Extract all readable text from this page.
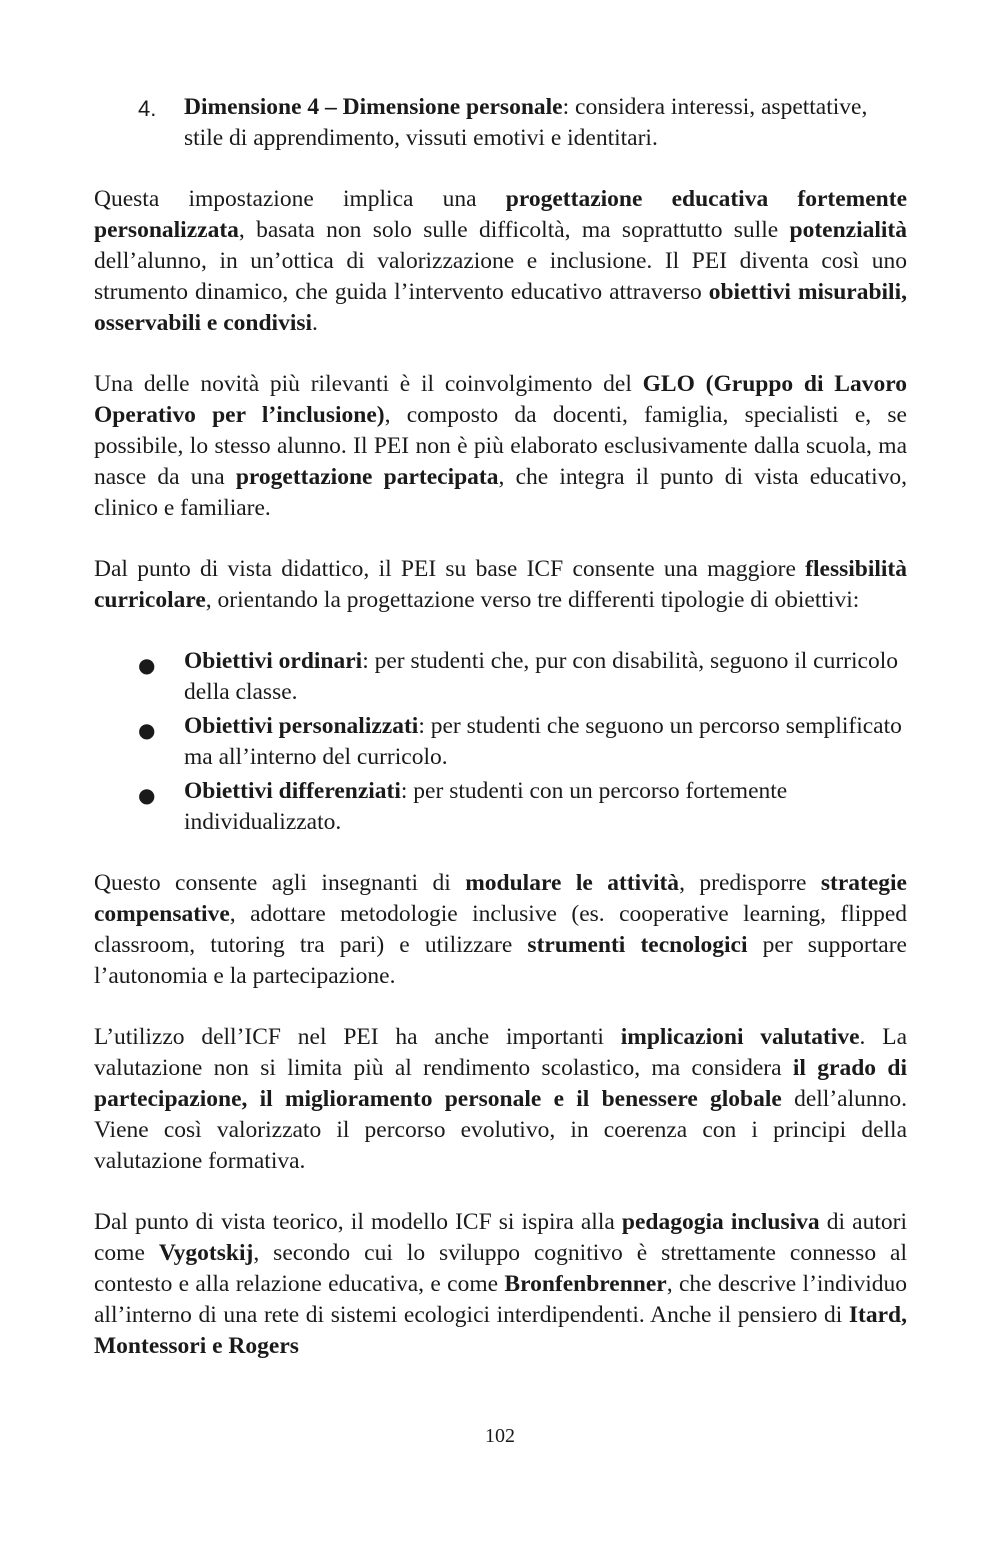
4. Dimensione 4 – Dimensione personale: considera interessi, aspettative, stile di apprendimento, vissuti emotivi e identitari.

Questa impostazione implica una progettazione educativa fortemente personalizzata, basata non solo sulle difficoltà, ma soprattutto sulle potenzialità dell’alunno, in un’ottica di valorizzazione e inclusione. Il PEI diventa così uno strumento dinamico, che guida l’intervento educativo attraverso obiettivi misurabili, osservabili e condivisi.

Una delle novità più rilevanti è il coinvolgimento del GLO (Gruppo di Lavoro Operativo per l’inclusione), composto da docenti, famiglia, specialisti e, se possibile, lo stesso alunno. Il PEI non è più elaborato esclusivamente dalla scuola, ma nasce da una progettazione partecipata, che integra il punto di vista educativo, clinico e familiare.

Dal punto di vista didattico, il PEI su base ICF consente una maggiore flessibilità curricolare, orientando la progettazione verso tre differenti tipologie di obiettivi:

● Obiettivi ordinari: per studenti che, pur con disabilità, seguono il curricolo della classe.
● Obiettivi personalizzati: per studenti che seguono un percorso semplificato ma all’interno del curricolo.
● Obiettivi differenziati: per studenti con un percorso fortemente individualizzato.

Questo consente agli insegnanti di modulare le attività, predisporre strategie compensative, adottare metodologie inclusive (es. cooperative learning, flipped classroom, tutoring tra pari) e utilizzare strumenti tecnologici per supportare l’autonomia e la partecipazione.

L’utilizzo dell’ICF nel PEI ha anche importanti implicazioni valutative. La valutazione non si limita più al rendimento scolastico, ma considera il grado di partecipazione, il miglioramento personale e il benessere globale dell’alunno. Viene così valorizzato il percorso evolutivo, in coerenza con i principi della valutazione formativa.

Dal punto di vista teorico, il modello ICF si ispira alla pedagogia inclusiva di autori come Vygotskij, secondo cui lo sviluppo cognitivo è strettamente connesso al contesto e alla relazione educativa, e come Bronfenbrenner, che descrive l’individuo all’interno di una rete di sistemi ecologici interdipendenti. Anche il pensiero di Itard, Montessori e Rogers

102
